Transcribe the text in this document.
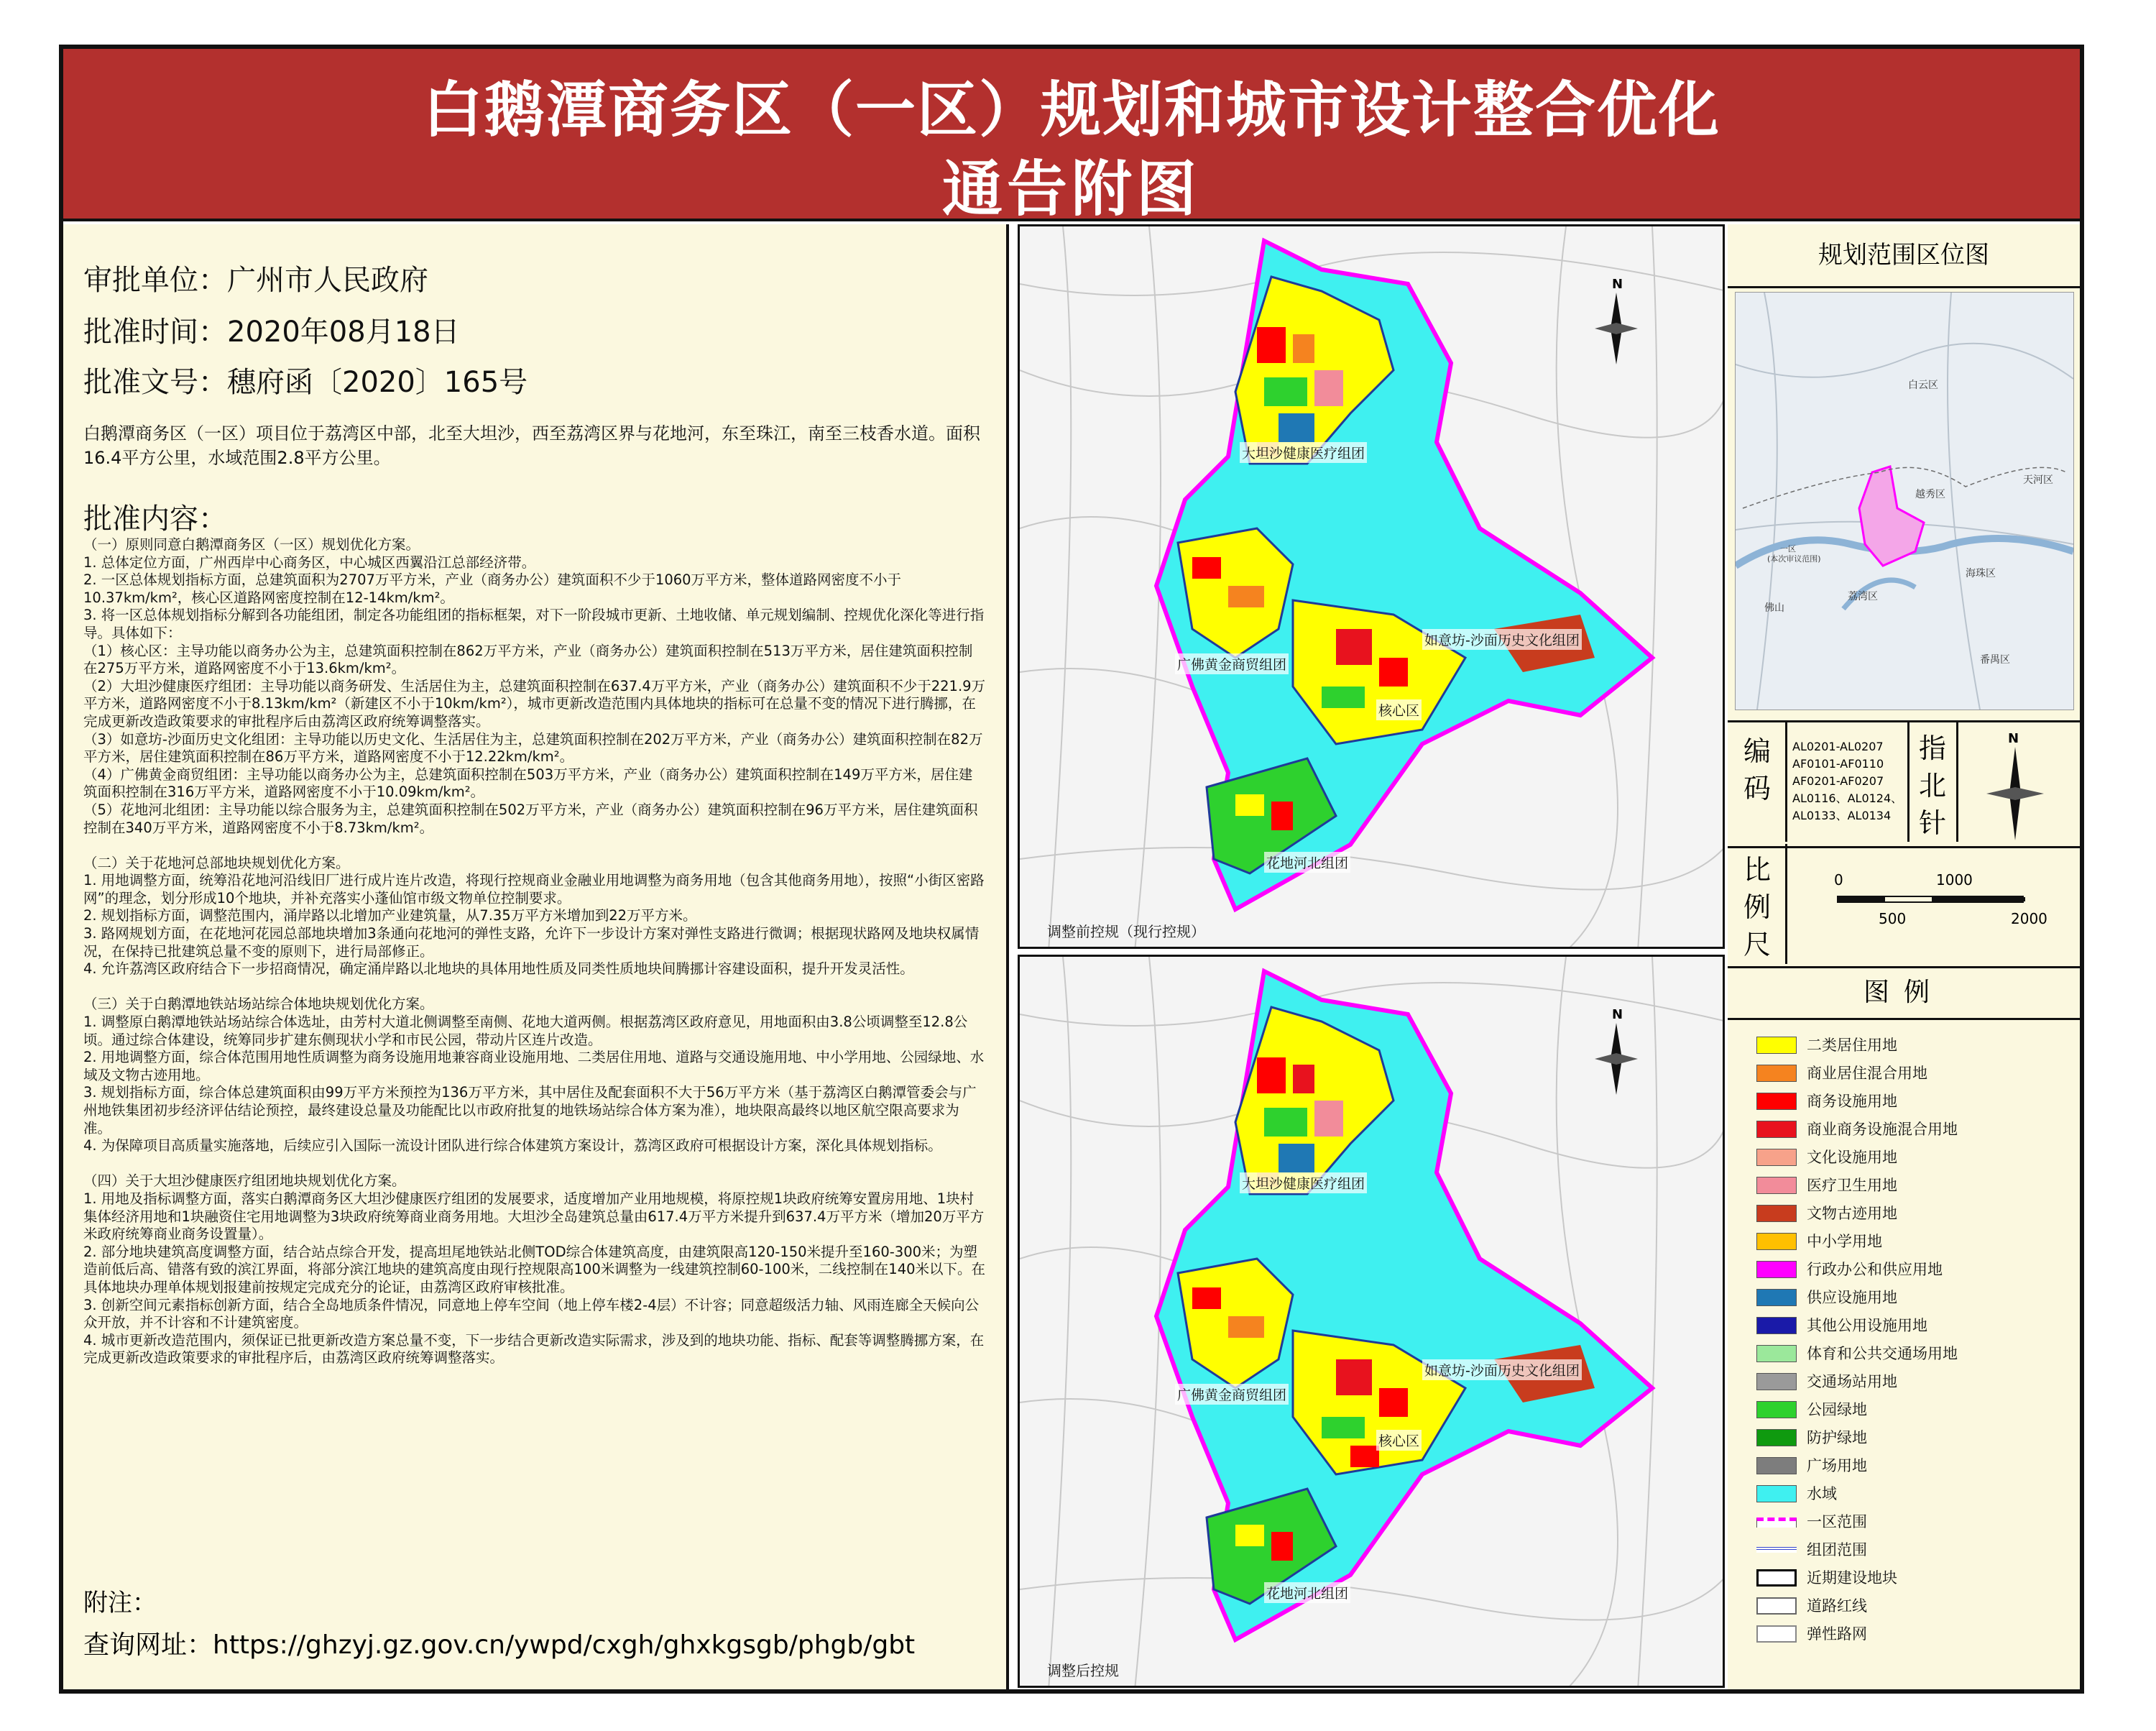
白鹅潭商务区（一区）规划和城市设计整合优化
通告附图
审批单位：广州市人民政府
批准时间：2020年08月18日
批准文号：穗府函〔2020〕165号
白鹅潭商务区（一区）项目位于荔湾区中部，北至大坦沙，西至荔湾区界与花地河，东至珠江，南至三枝香水道。面积16.4平方公里，水域范围2.8平方公里。
批准内容：

（一）原则同意白鹅潭商务区（一区）规划优化方案。

1. 总体定位方面，广州西岸中心商务区，中心城区西翼沿江总部经济带。

2. 一区总体规划指标方面，总建筑面积为2707万平方米，产业（商务办公）建筑面积不少于1060万平方米，整体道路网密度不小于10.37km/km²，核心区道路网密度控制在12-14km/km²。

3. 将一区总体规划指标分解到各功能组团，制定各功能组团的指标框架，对下一阶段城市更新、土地收储、单元规划编制、控规优化深化等进行指导。具体如下：

（1）核心区：主导功能以商务办公为主，总建筑面积控制在862万平方米，产业（商务办公）建筑面积控制在513万平方米，居住建筑面积控制在275万平方米，道路网密度不小于13.6km/km²。

（2）大坦沙健康医疗组团：主导功能以商务研发、生活居住为主，总建筑面积控制在637.4万平方米，产业（商务办公）建筑面积不少于221.9万平方米，道路网密度不小于8.13km/km²（新建区不小于10km/km²），城市更新改造范围内具体地块的指标可在总量不变的情况下进行腾挪，在完成更新改造政策要求的审批程序后由荔湾区政府统筹调整落实。

（3）如意坊-沙面历史文化组团：主导功能以历史文化、生活居住为主，总建筑面积控制在202万平方米，产业（商务办公）建筑面积控制在82万平方米，居住建筑面积控制在86万平方米，道路网密度不小于12.22km/km²。

（4）广佛黄金商贸组团：主导功能以商务办公为主，总建筑面积控制在503万平方米，产业（商务办公）建筑面积控制在149万平方米，居住建筑面积控制在316万平方米，道路网密度不小于10.09km/km²。

（5）花地河北组团：主导功能以综合服务为主，总建筑面积控制在502万平方米，产业（商务办公）建筑面积控制在96万平方米，居住建筑面积控制在340万平方米，道路网密度不小于8.73km/km²。

（二）关于花地河总部地块规划优化方案。

1. 用地调整方面，统筹沿花地河沿线旧厂进行成片连片改造，将现行控规商业金融业用地调整为商务用地（包含其他商务用地），按照“小街区密路网”的理念，划分形成10个地块，并补充落实小蓬仙馆市级文物单位控制要求。

2. 规划指标方面，调整范围内，涌岸路以北增加产业建筑量，从7.35万平方米增加到22万平方米。

3. 路网规划方面，在花地河花园总部地块增加3条通向花地河的弹性支路，允许下一步设计方案对弹性支路进行微调；根据现状路网及地块权属情况，在保持已批建筑总量不变的原则下，进行局部修正。

4. 允许荔湾区政府结合下一步招商情况，确定涌岸路以北地块的具体用地性质及同类性质地块间腾挪计容建设面积，提升开发灵活性。

（三）关于白鹅潭地铁站场站综合体地块规划优化方案。

1. 调整原白鹅潭地铁站场站综合体选址，由芳村大道北侧调整至南侧、花地大道两侧。根据荔湾区政府意见，用地面积由3.8公顷调整至12.8公顷。通过综合体建设，统筹同步扩建东侧现状小学和市民公园，带动片区连片改造。

2. 用地调整方面，综合体范围用地性质调整为商务设施用地兼容商业设施用地、二类居住用地、道路与交通设施用地、中小学用地、公园绿地、水域及文物古迹用地。

3. 规划指标方面，综合体总建筑面积由99万平方米预控为136万平方米，其中居住及配套面积不大于56万平方米（基于荔湾区白鹅潭管委会与广州地铁集团初步经济评估结论预控，最终建设总量及功能配比以市政府批复的地铁场站综合体方案为准），地块限高最终以地区航空限高要求为准。

4. 为保障项目高质量实施落地，后续应引入国际一流设计团队进行综合体建筑方案设计，荔湾区政府可根据设计方案，深化具体规划指标。

（四）关于大坦沙健康医疗组团地块规划优化方案。

1. 用地及指标调整方面，落实白鹅潭商务区大坦沙健康医疗组团的发展要求，适度增加产业用地规模，将原控规1块政府统筹安置房用地、1块村集体经济用地和1块融资住宅用地调整为3块政府统筹商业商务用地。大坦沙全岛建筑总量由617.4万平方米提升到637.4万平方米（增加20万平方米政府统筹商业商务设置量）。

2. 部分地块建筑高度调整方面，结合站点综合开发，提高坦尾地铁站北侧TOD综合体建筑高度，由建筑限高120-150米提升至160-300米；为塑造前低后高、错落有致的滨江界面，将部分滨江地块的建筑高度由现行控规限高100米调整为一线建筑控制60-100米，二线控制在140米以下。在具体地块办理单体规划报建前按规定完成充分的论证，由荔湾区政府审核批准。

3. 创新空间元素指标创新方面，结合全岛地质条件情况，同意地上停车空间（地上停车楼2-4层）不计容；同意超级活力轴、风雨连廊全天候向公众开放，并不计容和不计建筑密度。

4. 城市更新改造范围内，须保证已批更新改造方案总量不变，下一步结合更新改造实际需求，涉及到的地块功能、指标、配套等调整腾挪方案，在完成更新改造政策要求的审批程序后，由荔湾区政府统筹调整落实。

附注：
查询网址：https://ghzyj.gz.gov.cn/ywpd/cxgh/ghxkgsgb/phgb/gbt
大坦沙健康医疗组团
如意坊-沙面历史文化组团
广佛黄金商贸组团
核心区
花地河北组团
N
调整前控规（现行控规）
大坦沙健康医疗组团
如意坊-沙面历史文化组团
广佛黄金商贸组团
核心区
花地河北组团
N
调整后控规
规划范围区位图
白云区
越秀区
天河区
佛山
荔湾区
海珠区
番禺区
一区
(本次审议范围)
编
码
AL0201-AL0207
AF0101-AF0110
AF0201-AF0207
AL0116、AL0124、
AL0133、AL0134
指
北
针
N
比
例
尺
0	1000
500	2000
图例
二类居住用地
商业居住混合用地
商务设施用地
商业商务设施混合用地
文化设施用地
医疗卫生用地
文物古迹用地
中小学用地
行政办公和供应用地
供应设施用地
其他公用设施用地
体育和公共交通场用地
交通场站用地
公园绿地
防护绿地
广场用地
水域
一区范围
组团范围
近期建设地块
道路红线
弹性路网
